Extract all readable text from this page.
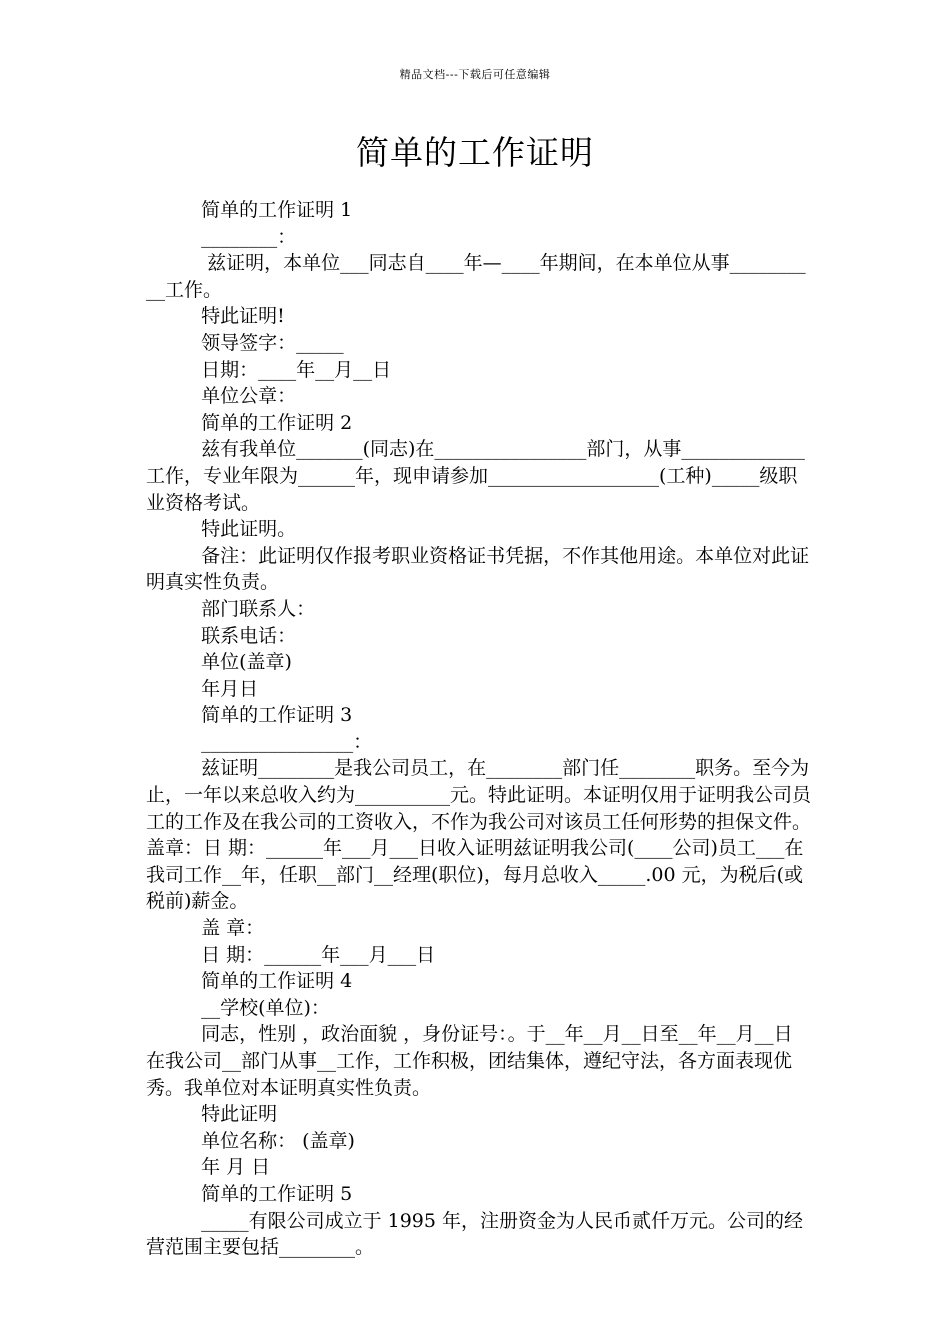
精品文档---下载后可任意编辑
简单的工作证明

简单的工作证明 1

________：

兹证明，本单位___同志自____年—____年期间，在本单位从事__________工作。

特此证明!

领导签字：_____

日期：____年__月__日

单位公章：

简单的工作证明 2

兹有我单位_______(同志)在________________部门，从事_____________工作，专业年限为______年，现申请参加__________________(工种)_____级职业资格考试。

特此证明。

备注：此证明仅作报考职业资格证书凭据，不作其他用途。本单位对此证明真实性负责。

部门联系人：

联系电话：

单位(盖章)

年月日

简单的工作证明 3

________________：

兹证明________是我公司员工，在________部门任________职务。至今为止，一年以来总收入约为__________元。特此证明。本证明仅用于证明我公司员工的工作及在我公司的工资收入，不作为我公司对该员工任何形势的担保文件。盖章：日 期：______年___月___日收入证明兹证明我公司(____公司)员工___在我司工作__年，任职__部门__经理(职位)，每月总收入_____.00 元，为税后(或税前)薪金。

盖 章：

日 期：______年___月___日

简单的工作证明 4

__学校(单位)：

同志，性别 ，政治面貌 ，身份证号：。于__年__月__日至__年__月__日在我公司__部门从事__工作，工作积极，团结集体，遵纪守法，各方面表现优秀。我单位对本证明真实性负责。

特此证明

单位名称： (盖章)

年 月 日

简单的工作证明 5

_____有限公司成立于 1995 年，注册资金为人民币贰仟万元。公司的经营范围主要包括________。
